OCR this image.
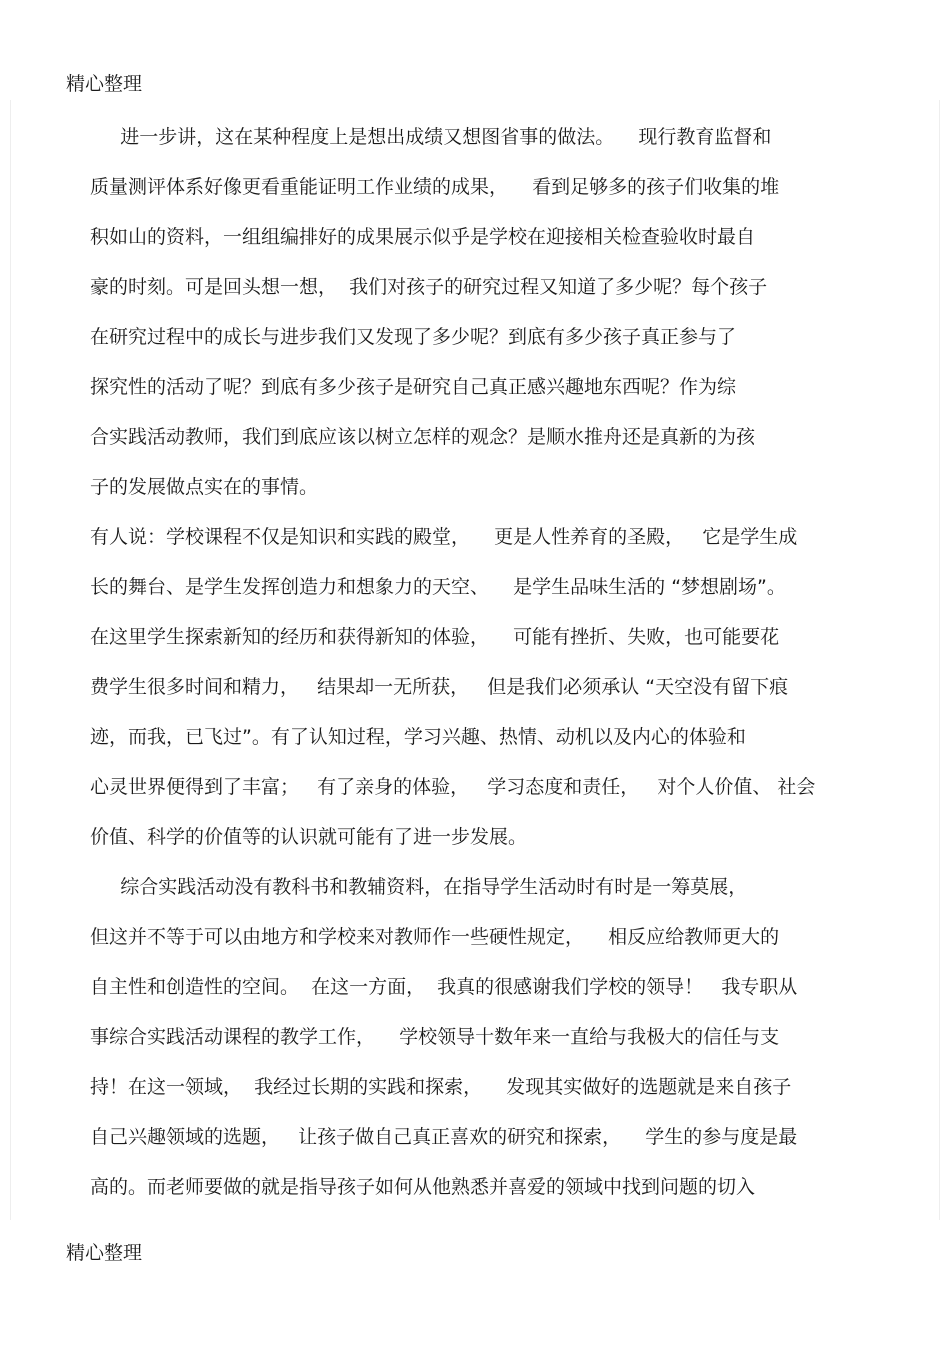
精心整理
进一步讲，这在某种程度上是想出成绩又想图省事的做法。    现行教育监督和
质量测评体系好像更看重能证明工作业绩的成果，    看到足够多的孩子们收集的堆
积如山的资料，一组组编排好的成果展示似乎是学校在迎接相关检查验收时最自
豪的时刻。可是回头想一想，  我们对孩子的研究过程又知道了多少呢？每个孩子
在研究过程中的成长与进步我们又发现了多少呢？到底有多少孩子真正参与了
探究性的活动了呢？到底有多少孩子是研究自己真正感兴趣地东西呢？作为综
合实践活动教师，我们到底应该以树立怎样的观念？是顺水推舟还是真新的为孩
子的发展做点实在的事情。
有人说：学校课程不仅是知识和实践的殿堂，    更是人性养育的圣殿，   它是学生成
长的舞台、是学生发挥创造力和想象力的天空、    是学生品味生活的 “梦想剧场”。
在这里学生探索新知的经历和获得新知的体验，    可能有挫折、失败，也可能要花
费学生很多时间和精力，   结果却一无所获，   但是我们必须承认 “天空没有留下痕
迹，而我，已飞过”。有了认知过程，学习兴趣、热情、动机以及内心的体验和
心灵世界便得到了丰富；   有了亲身的体验，   学习态度和责任，   对个人价值、 社会
价值、科学的价值等的认识就可能有了进一步发展。
综合实践活动没有教科书和教辅资料，在指导学生活动时有时是一筹莫展，
但这并不等于可以由地方和学校来对教师作一些硬性规定，    相反应给教师更大的
自主性和创造性的空间。  在这一方面，  我真的很感谢我们学校的领导！   我专职从
事综合实践活动课程的教学工作，    学校领导十数年来一直给与我极大的信任与支
持！在这一领域，  我经过长期的实践和探索，    发现其实做好的选题就是来自孩子
自己兴趣领域的选题，   让孩子做自己真正喜欢的研究和探索，    学生的参与度是最
高的。而老师要做的就是指导孩子如何从他熟悉并喜爱的领域中找到问题的切入
精心整理
